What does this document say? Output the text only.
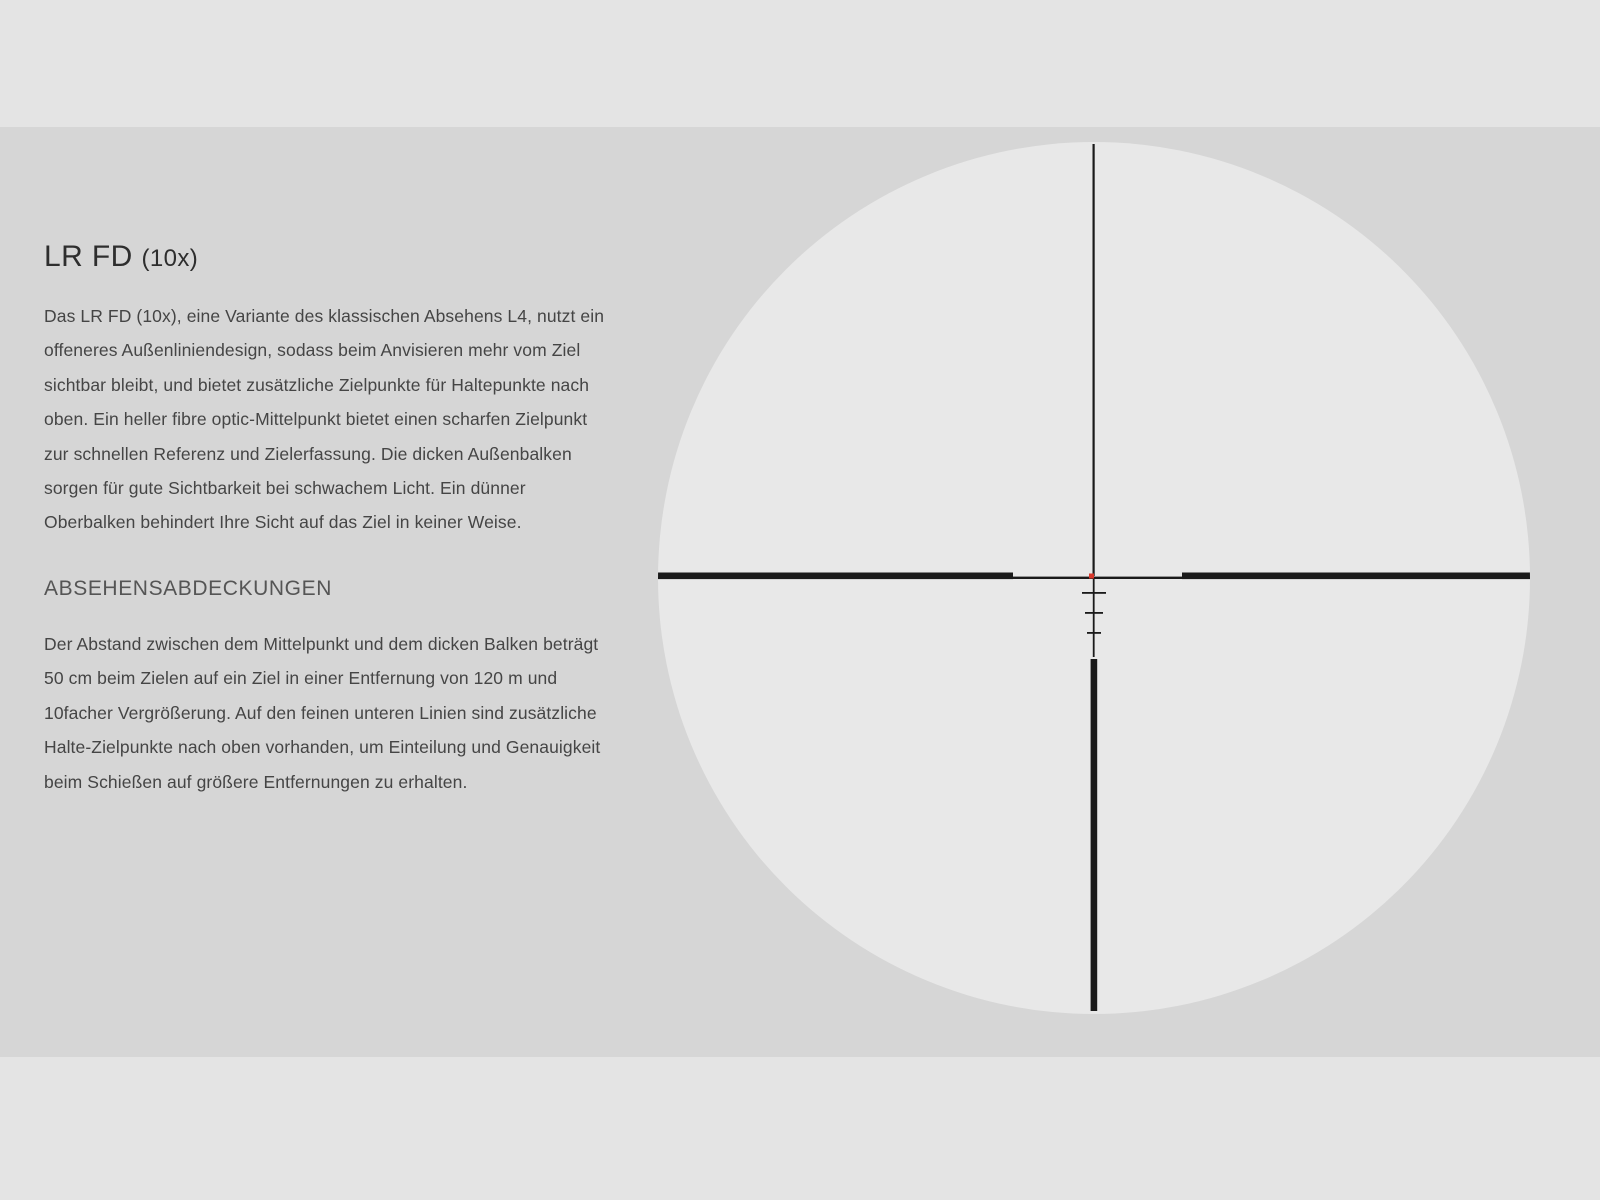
LR FD (10x)

Das LR FD (10x), eine Variante des klassischen Absehens L4, nutzt ein offeneres Außenliniendesign, sodass beim Anvisieren mehr vom Ziel sichtbar bleibt, und bietet zusätzliche Zielpunkte für Haltepunkte nach oben. Ein heller fibre optic-Mittelpunkt bietet einen scharfen Zielpunkt zur schnellen Referenz und Zielerfassung. Die dicken Außenbalken sorgen für gute Sichtbarkeit bei schwachem Licht. Ein dünner Oberbalken behindert Ihre Sicht auf das Ziel in keiner Weise.

ABSEHENSABDECKUNGEN

Der Abstand zwischen dem Mittelpunkt und dem dicken Balken beträgt 50 cm beim Zielen auf ein Ziel in einer Entfernung von 120 m und 10facher Vergrößerung. Auf den feinen unteren Linien sind zusätzliche Halte-Zielpunkte nach oben vorhanden, um Einteilung und Genauigkeit beim Schießen auf größere Entfernungen zu erhalten.
